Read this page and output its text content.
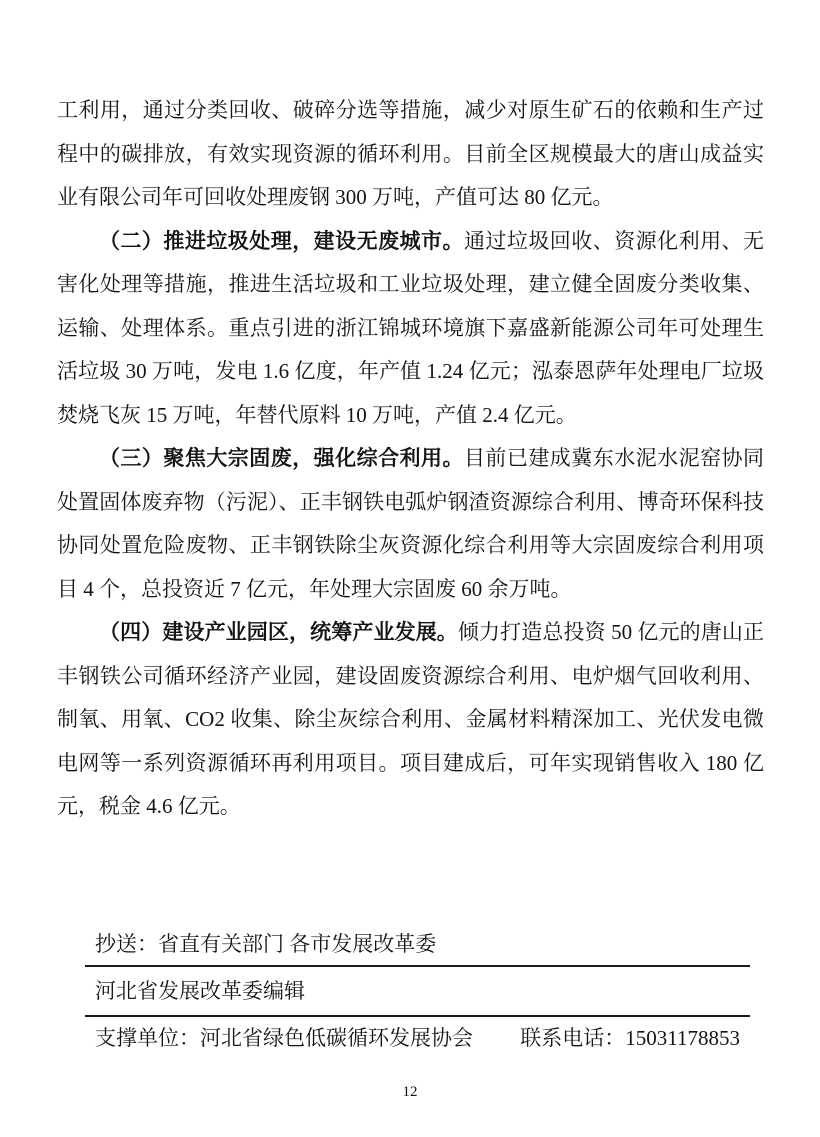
工利用，通过分类回收、破碎分选等措施，减少对原生矿石的依赖和生产过程中的碳排放，有效实现资源的循环利用。目前全区规模最大的唐山成益实业有限公司年可回收处理废钢 300 万吨，产值可达 80 亿元。

（二）推进垃圾处理，建设无废城市。通过垃圾回收、资源化利用、无害化处理等措施，推进生活垃圾和工业垃圾处理，建立健全固废分类收集、运输、处理体系。重点引进的浙江锦城环境旗下嘉盛新能源公司年可处理生活垃圾 30 万吨，发电 1.6 亿度，年产值 1.24 亿元；泓泰恩萨年处理电厂垃圾焚烧飞灰 15 万吨，年替代原料 10 万吨，产值 2.4 亿元。

（三）聚焦大宗固废，强化综合利用。目前已建成冀东水泥水泥窑协同处置固体废弃物（污泥）、正丰钢铁电弧炉钢渣资源综合利用、博奇环保科技协同处置危险废物、正丰钢铁除尘灰资源化综合利用等大宗固废综合利用项目 4 个，总投资近 7 亿元，年处理大宗固废 60 余万吨。

（四）建设产业园区，统筹产业发展。倾力打造总投资 50 亿元的唐山正丰钢铁公司循环经济产业园，建设固废资源综合利用、电炉烟气回收利用、制氧、用氧、CO2 收集、除尘灰综合利用、金属材料精深加工、光伏发电微电网等一系列资源循环再利用项目。项目建成后，可年实现销售收入 180 亿元，税金 4.6 亿元。

抄送：省直有关部门 各市发展改革委
河北省发展改革委编辑
支撑单位：河北省绿色低碳循环发展协会 联系电话：15031178853
12
